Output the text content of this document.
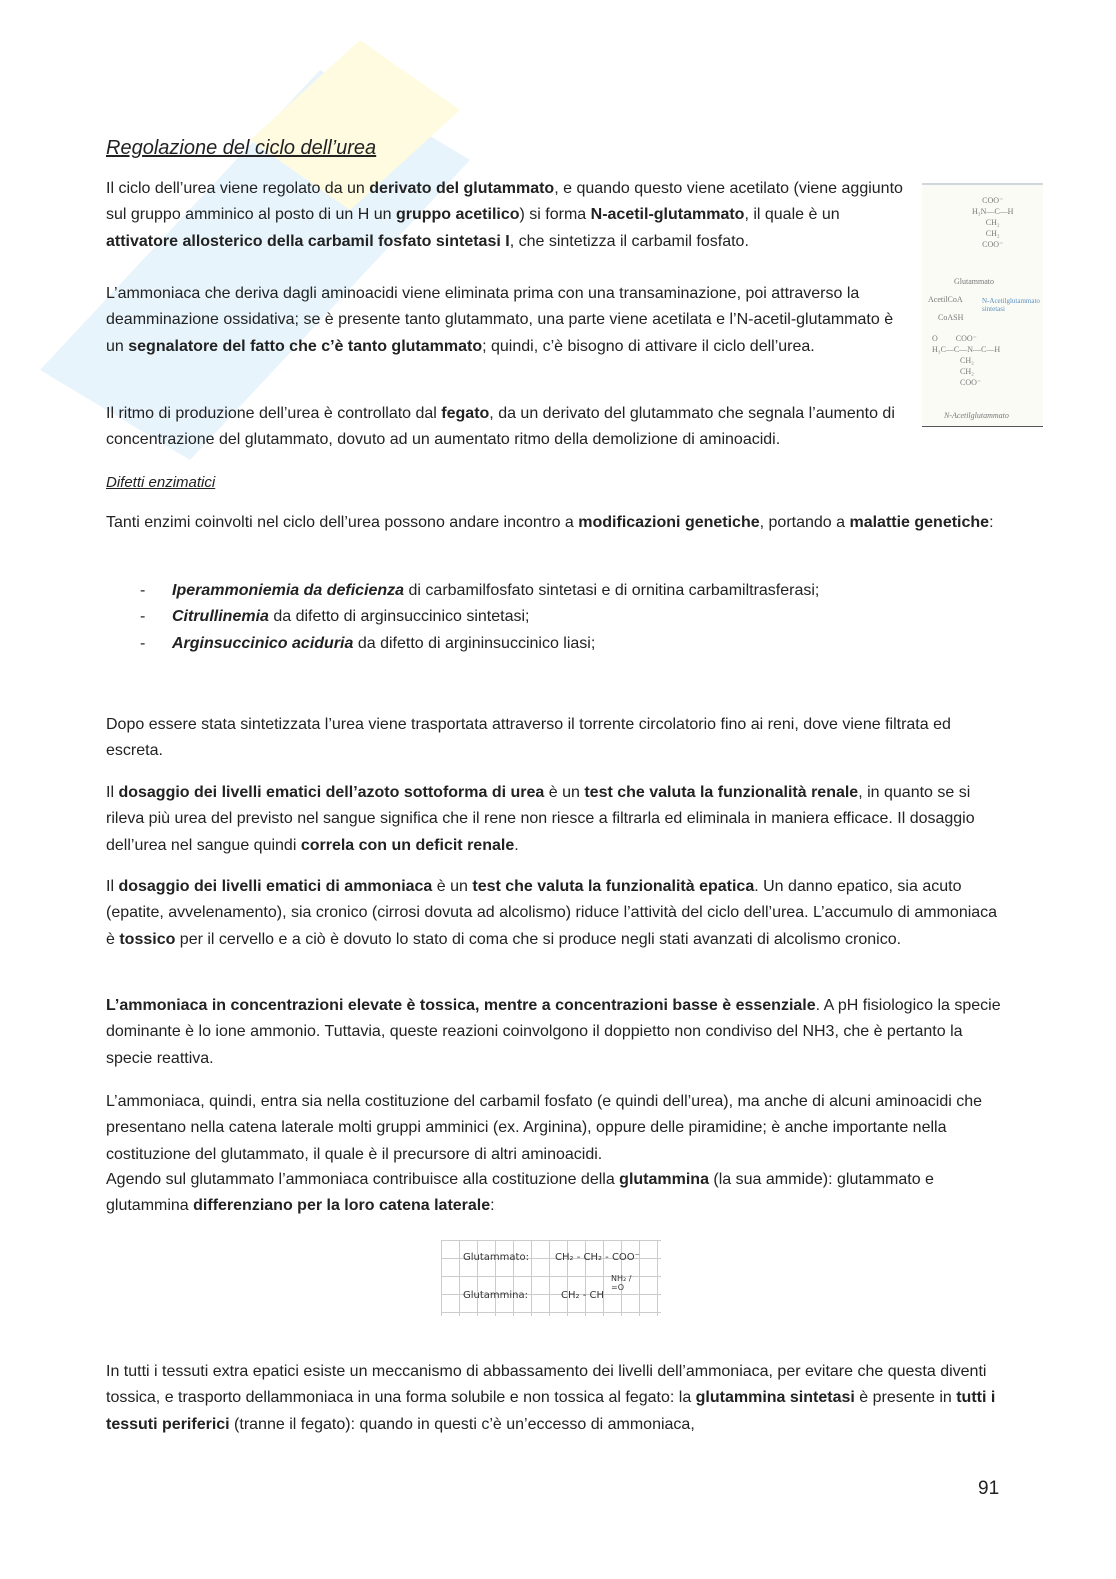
Regolazione del ciclo dell’urea
Il ciclo dell’urea viene regolato da un derivato del glutammato, e quando questo viene acetilato (viene aggiunto sul gruppo amminico al posto di un H un gruppo acetilico) si forma N-acetil-glutammato, il quale è un attivatore allosterico della carbamil fosfato sintetasi I, che sintetizza il carbamil fosfato.
L’ammoniaca che deriva dagli aminoacidi viene eliminata prima con una transaminazione, poi attraverso la deamminazione ossidativa; se è presente tanto glutammato, una parte viene acetilata e l’N-acetil-glutammato è un segnalatore del fatto che c’è tanto glutammato; quindi, c’è bisogno di attivare il ciclo dell’urea.
COO⁻
H₃N—C—H
CH₂
CH₂
COO⁻
Glutammato
AcetilCoA	N-Acetilglutammato sintetasi
CoASH
O         COO⁻
H₃C—C—N—C—H
CH₂
CH₂
COO⁻
N-Acetilglutammato
Il ritmo di produzione dell’urea è controllato dal fegato, da un derivato del glutammato che segnala l’aumento di concentrazione del glutammato, dovuto ad un aumentato ritmo della demolizione di aminoacidi.
Difetti enzimatici
Tanti enzimi coinvolti nel ciclo dell’urea possono andare incontro a modificazioni genetiche, portando a malattie genetiche:
- Iperammoniemia da deficienza di carbamilfosfato sintetasi e di ornitina carbamiltrasferasi;
- Citrullinemia da difetto di arginsuccinico sintetasi;
- Arginsuccinico aciduria da difetto di argininsuccinico liasi;
Dopo essere stata sintetizzata l’urea viene trasportata attraverso il torrente circolatorio fino ai reni, dove viene filtrata ed escreta.
Il dosaggio dei livelli ematici dell’azoto sottoforma di urea è un test che valuta la funzionalità renale, in quanto se si rileva più urea del previsto nel sangue significa che il rene non riesce a filtrarla ed eliminala in maniera efficace. Il dosaggio dell’urea nel sangue quindi correla con un deficit renale.
Il dosaggio dei livelli ematici di ammoniaca è un test che valuta la funzionalità epatica. Un danno epatico, sia acuto (epatite, avvelenamento), sia cronico (cirrosi dovuta ad alcolismo) riduce l’attività del ciclo dell’urea. L’accumulo di ammoniaca è tossico per il cervello e a ciò è dovuto lo stato di coma che si produce negli stati avanzati di alcolismo cronico.
L’ammoniaca in concentrazioni elevate è tossica, mentre a concentrazioni basse è essenziale. A pH fisiologico la specie dominante è lo ione ammonio. Tuttavia, queste reazioni coinvolgono il doppietto non condiviso del NH3, che è pertanto la specie reattiva.
L’ammoniaca, quindi, entra sia nella costituzione del carbamil fosfato (e quindi dell’urea), ma anche di alcuni aminoacidi che presentano nella catena laterale molti gruppi amminici (ex. Arginina), oppure delle piramidine; è anche importante nella costituzione del glutammato, il quale è il precursore di altri aminoacidi.
Agendo sul glutammato l’ammoniaca contribuisce alla costituzione della glutammina (la sua ammide): glutammato e glutammina differenziano per la loro catena laterale:
Glutammato:	CH₂ - CH₂ - COO⁻
Glutammina:	CH₂ - CH
NH₂ / =O
In tutti i tessuti extra epatici esiste un meccanismo di abbassamento dei livelli dell’ammoniaca, per evitare che questa diventi tossica, e trasporto dellammoniaca in una forma solubile e non tossica al fegato: la glutammina sintetasi è presente in tutti i tessuti periferici (tranne il fegato): quando in questi c’è un’eccesso di ammoniaca,
91
